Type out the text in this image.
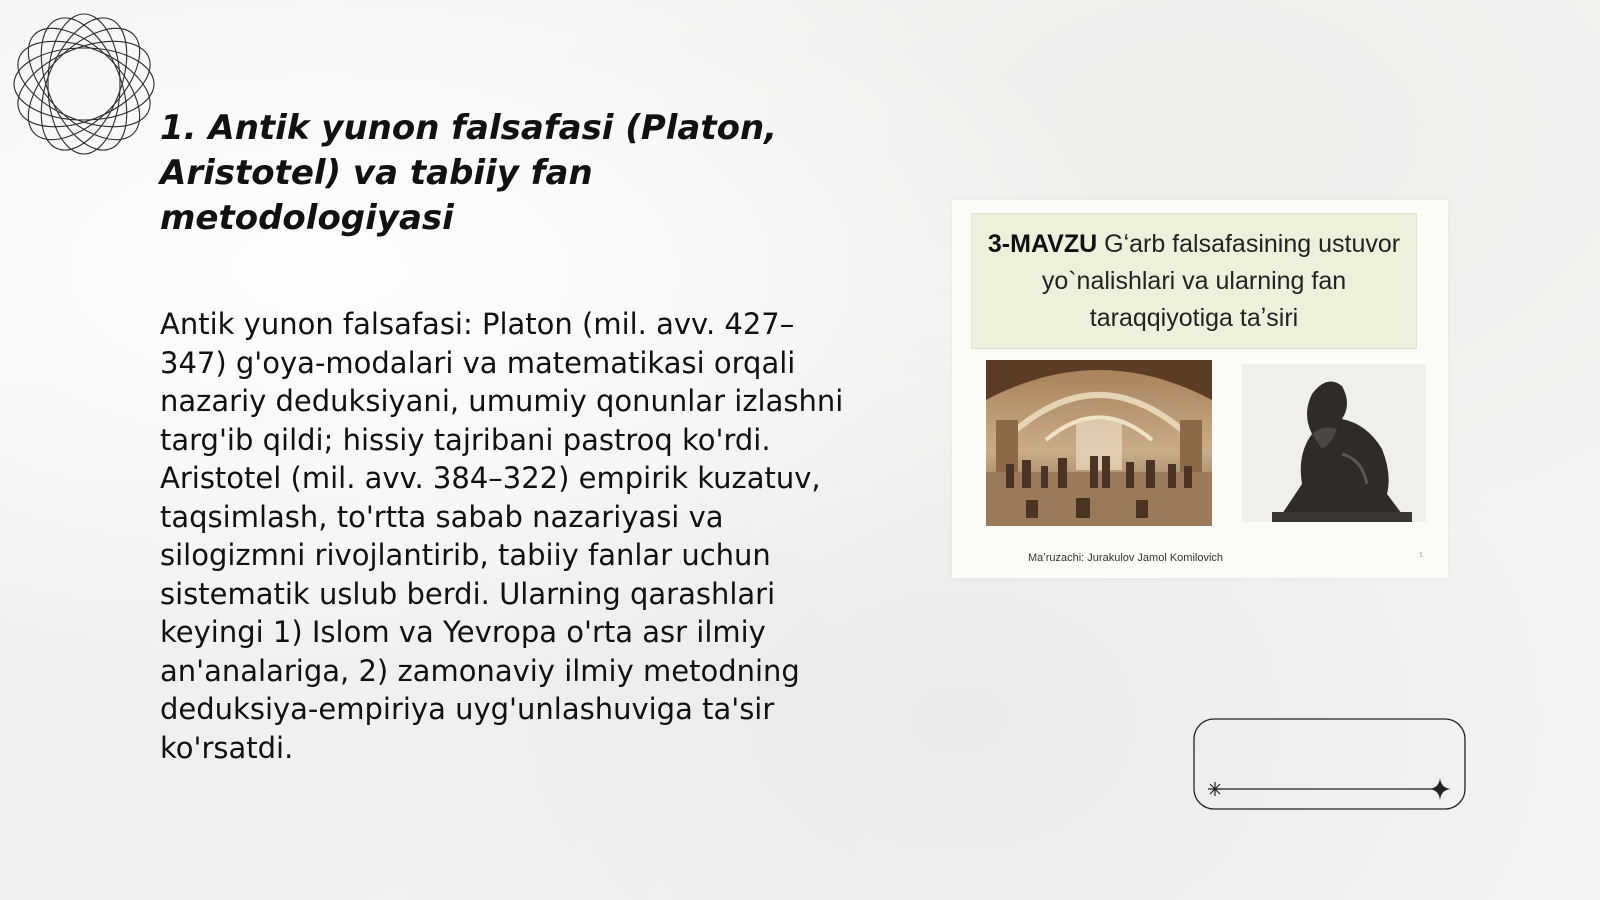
1. Antik yunon falsafasi (Platon, Aristotel) va tabiiy fan metodologiyasi

Antik yunon falsafasi: Platon (mil. avv. 427–347) g'oya-modalari va matematikasi orqali nazariy deduksiyani, umumiy qonunlar izlashni targ'ib qildi; hissiy tajribani pastroq ko'rdi. Aristotel (mil. avv. 384–322) empirik kuzatuv, taqsimlash, to'rtta sabab nazariyasi va silogizmni rivojlantirib, tabiiy fanlar uchun sistematik uslub berdi. Ularning qarashlari keyingi 1) Islom va Yevropa o'rta asr ilmiy an'analariga, 2) zamonaviy ilmiy metodning deduksiya-empiriya uyg'unlashuviga ta'sir ko'rsatdi.

3-MAVZU Gʻarb falsafasining ustuvor yo`nalishlari va ularning fan taraqqiyotiga taʼsiri
Maʼruzachi: Jurakulov Jamol Komilovich	1
